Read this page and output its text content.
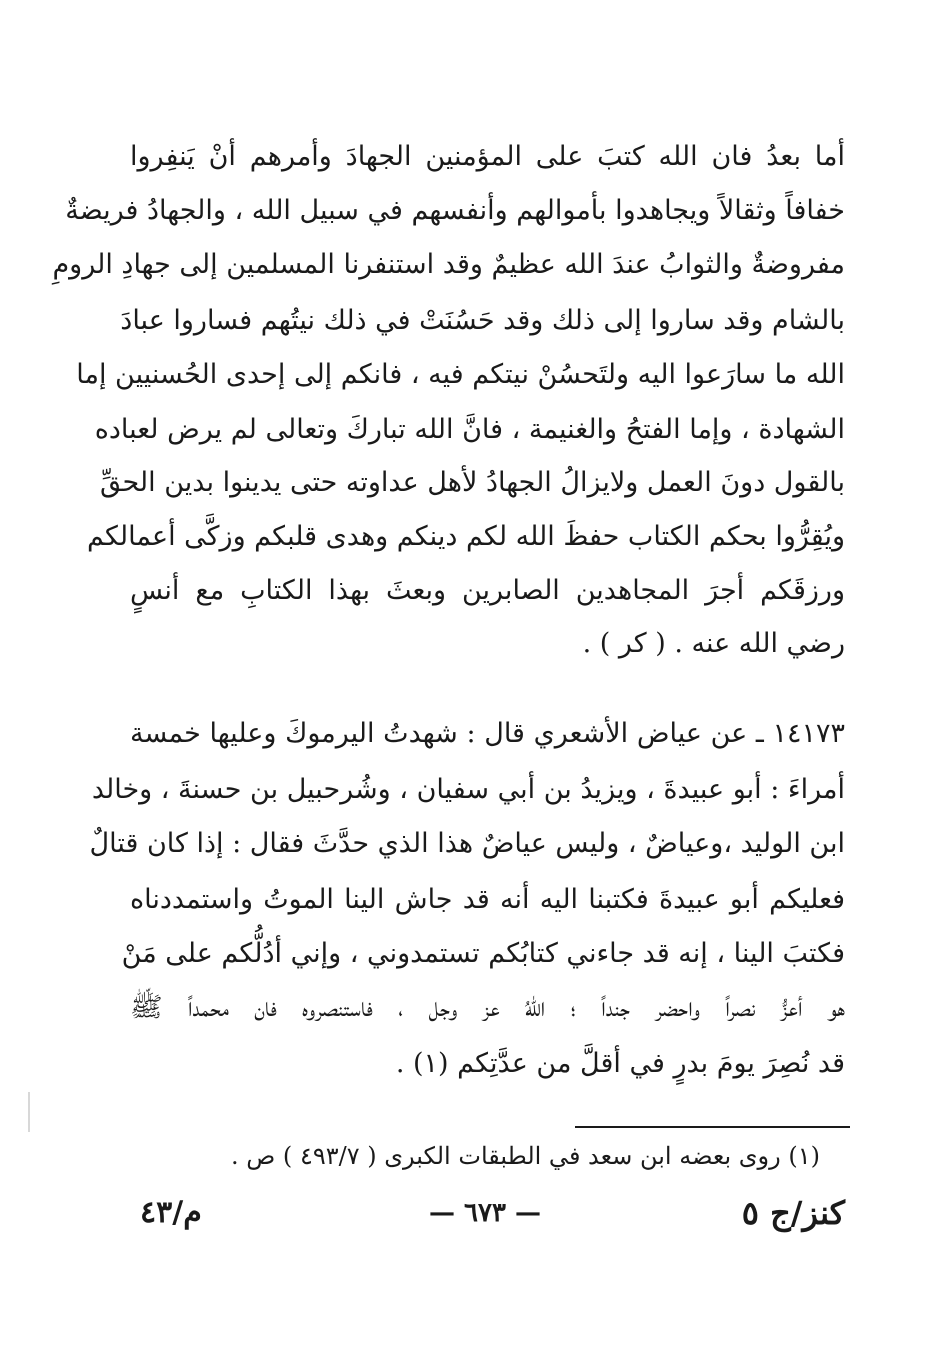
أما بعدُ فان الله كتبَ على المؤمنين الجهادَ وأمرهم أنْ يَنفِروا
خفافاً وثقالاً ويجاهدوا بأموالهم وأنفسهم في سبيل الله ، والجهادُ فريضةٌ
مفروضةٌ والثوابُ عندَ الله عظيمٌ وقد استنفرنا المسلمين إلى جهادِ الرومِ
بالشام وقد ساروا إلى ذلك وقد حَسُنَتْ في ذلك نيتُهم فساروا عبادَ
الله ما سارَعوا اليه ولتَحسُنْ نيتكم فيه ، فانكم إلى إحدى الحُسنيين إما
الشهادة ، وإما الفتحُ والغنيمة ، فانَّ الله تباركَ وتعالى لم يرض لعباده
بالقول دونَ العمل ولايزالُ الجهادُ لأهل عداوته حتى يدينوا بدين الحقِّ
ويُقِرُّوا بحكم الكتاب حفظَ الله لكم دينكم وهدى قلبكم وزكَّى أعمالكم
ورزقَكم أجرَ المجاهدين الصابرين وبعثَ بهذا الكتابِ مع أنسٍ
رضي الله عنه . ( كر ) .
١٤١٧٣ ـ عن عياض الأشعري قال : شهدتُ اليرموكَ وعليها خمسة
أمراءَ : أبو عبيدةَ ، ويزيدُ بن أبي سفيان ، وشُرحبيل بن حسنةَ ، وخالد
ابن الوليد ،وعياضٌ ، وليس عياضٌ هذا الذي حدَّثَ فقال : إذا كان قتالٌ
فعليكم أبو عبيدةَ فكتبنا اليه أنه قد جاش الينا الموتُ واستمددناه
فكتبَ الينا ، إنه قد جاءني كتابُكم تستمدوني ، وإني أدُلُّكم على مَنْ
هو أعزُّ نصراً واحضر جنداً ؛ اللهُ عز وجل ، فاستنصروه فان محمداً ﷺ
قد نُصِرَ يومَ بدرٍ في أقلَّ من عدَّتِكم (١) .
(١) روى بعضه ابن سعد في الطبقات الكبرى ( ٤٩٣/٧ ) ص .
كنز/ج ٥
— ٦٧٣ —
م/٤٣
